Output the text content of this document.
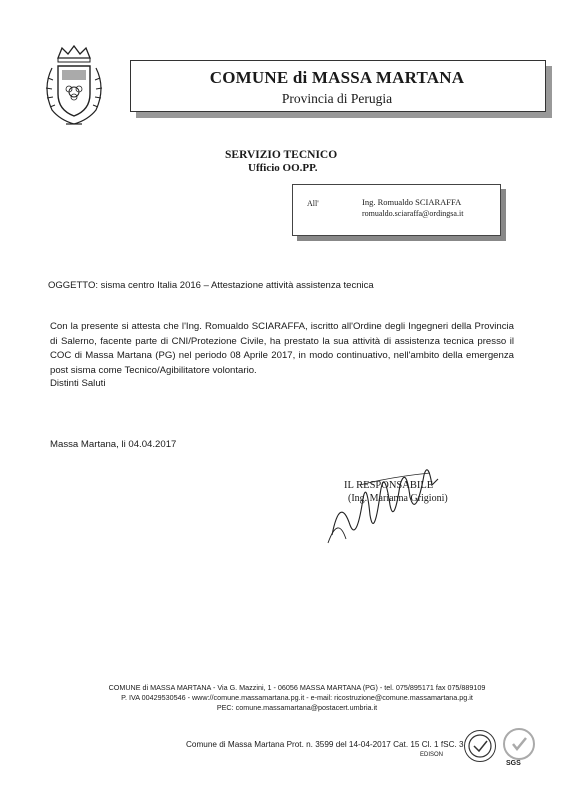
COMUNE di MASSA MARTANA
Provincia di Perugia
SERVIZIO TECNICO
Ufficio OO.PP.
All'	Ing. Romualdo SCIARAFFA
romualdo.sciaraffa@ordingsa.it
OGGETTO: sisma centro Italia 2016 – Attestazione attività assistenza tecnica
Con la presente si attesta che l'Ing. Romualdo SCIARAFFA, iscritto all'Ordine degli Ingegneri della Provincia di Salerno, facente parte di CNI/Protezione Civile, ha prestato la sua attività di assistenza tecnica presso il COC di Massa Martana (PG) nel periodo 08 Aprile 2017, in modo continuativo, nell'ambito della emergenza post sisma come Tecnico/Agibilitatore volontario.
Distinti Saluti
Massa Martana, li 04.04.2017
IL RESPONSABILE
(Ing. Marianna Grigioni)
COMUNE di MASSA MARTANA - Via G. Mazzini, 1 - 06056 MASSA MARTANA (PG) - tel. 075/895171 fax 075/889109
P. IVA 00429530546 - www://comune.massamartana.pg.it - e-mail: ricostruzione@comune.massamartana.pg.it
PEC: comune.massamartana@postacert.umbria.it
Comune di Massa Martana Prot. n. 3599 del 14-04-2017 Cat. 15 Cl. 1 fSC. 3
SGS
EDISON
